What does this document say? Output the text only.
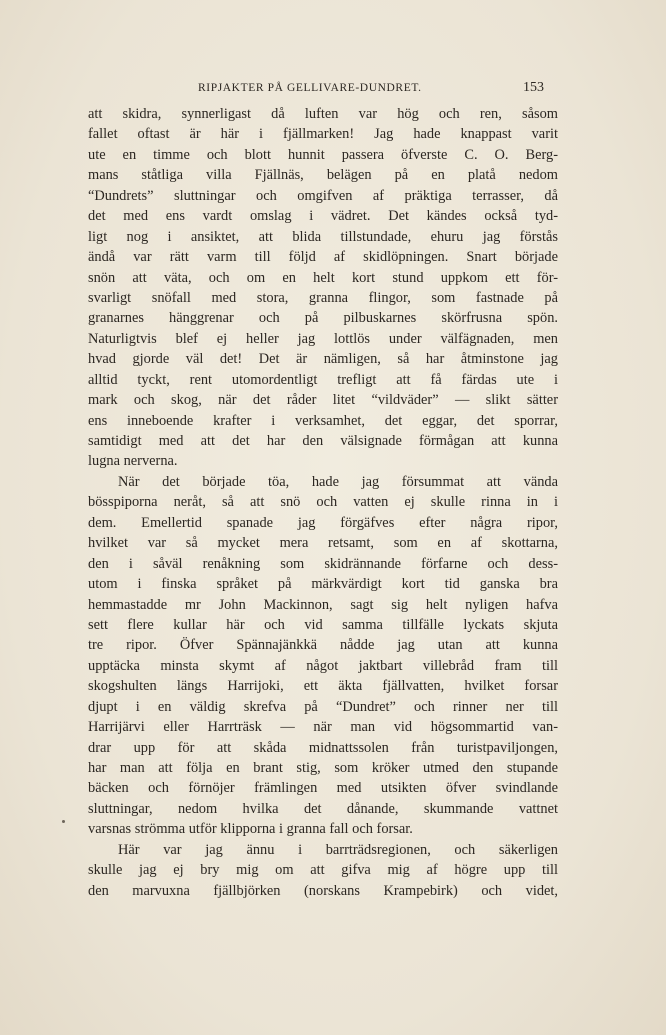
RIPJAKTER PÅ GELLIVARE-DUNDRET.	153
att skidra, synnerligast då luften var hög och ren, såsom
fallet oftast är här i fjällmarken! Jag hade knappast varit
ute en timme och blott hunnit passera öfverste C. O. Berg-
mans ståtliga villa Fjällnäs, belägen på en platå nedom
“Dundrets” sluttningar och omgifven af präktiga terrasser, då
det med ens vardt omslag i vädret. Det kändes också tyd-
ligt nog i ansiktet, att blida tillstundade, ehuru jag förstås
ändå var rätt varm till följd af skidlöpningen. Snart började
snön att väta, och om en helt kort stund uppkom ett för-
svarligt snöfall med stora, granna flingor, som fastnade på
granarnes hänggrenar och på pilbuskarnes skörfrusna spön.
Naturligtvis blef ej heller jag lottlös under välfägnaden, men
hvad gjorde väl det! Det är nämligen, så har åtminstone jag
alltid tyckt, rent utomordentligt trefligt att få färdas ute i
mark och skog, när det råder litet “vildväder” — slikt sätter
ens inneboende krafter i verksamhet, det eggar, det sporrar,
samtidigt med att det har den välsignade förmågan att kunna
lugna nerverna.
När det började töa, hade jag försummat att vända
bösspiporna neråt, så att snö och vatten ej skulle rinna in i
dem. Emellertid spanade jag förgäfves efter några ripor,
hvilket var så mycket mera retsamt, som en af skottarna,
den i såväl renåkning som skidrännande förfarne och dess-
utom i finska språket på märkvärdigt kort tid ganska bra
hemmastadde mr John Mackinnon, sagt sig helt nyligen hafva
sett flere kullar här och vid samma tillfälle lyckats skjuta
tre ripor. Öfver Spännajänkkä nådde jag utan att kunna
upptäcka minsta skymt af något jaktbart villebråd fram till
skogshulten längs Harrijoki, ett äkta fjällvatten, hvilket forsar
djupt i en väldig skrefva på “Dundret” och rinner ner till
Harrijärvi eller Harrträsk — när man vid högsommartid van-
drar upp för att skåda midnattssolen från turistpaviljongen,
har man att följa en brant stig, som kröker utmed den stupande
bäcken och förnöjer främlingen med utsikten öfver svindlande
sluttningar, nedom hvilka det dånande, skummande vattnet
varsnas strömma utför klipporna i granna fall och forsar.
Här var jag ännu i barrträdsregionen, och säkerligen
skulle jag ej bry mig om att gifva mig af högre upp till
den marvuxna fjällbjörken (norskans Krampebirk) och videt,
